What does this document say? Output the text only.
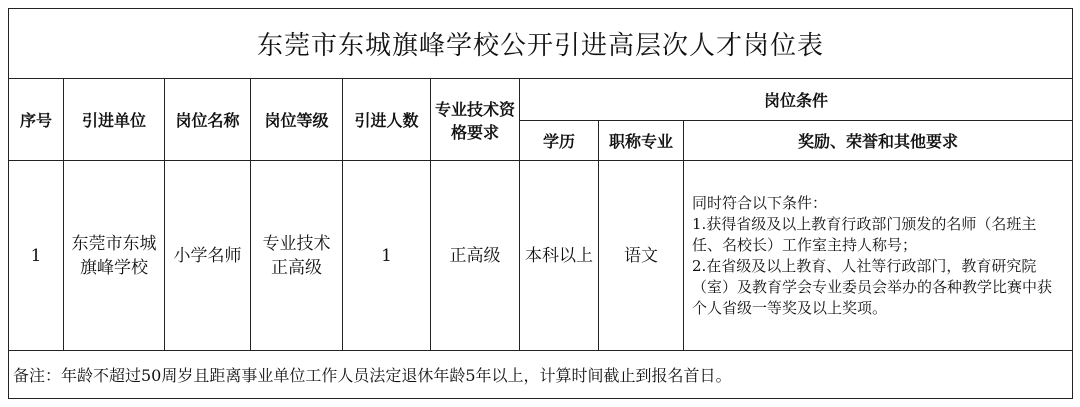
东莞市东城旗峰学校公开引进高层次人才岗位表								
序号	引进单位	岗位名称	岗位等级	引进人数	专业技术资格要求	岗位条件		
						学历	职称专业	奖励、荣誉和其他要求
1	东莞市东城旗峰学校	小学名师	专业技术正高级	1	正高级	本科以上	语文	同时符合以下条件：
1.获得省级及以上教育行政部门颁发的名师（名班主任、名校长）工作室主持人称号；
2.在省级及以上教育、人社等行政部门，教育研究院（室）及教育学会专业委员会举办的各种教学比赛中获个人省级一等奖及以上奖项。

备注：年龄不超过50周岁且距离事业单位工作人员法定退休年龄5年以上，计算时间截止到报名首日。								
